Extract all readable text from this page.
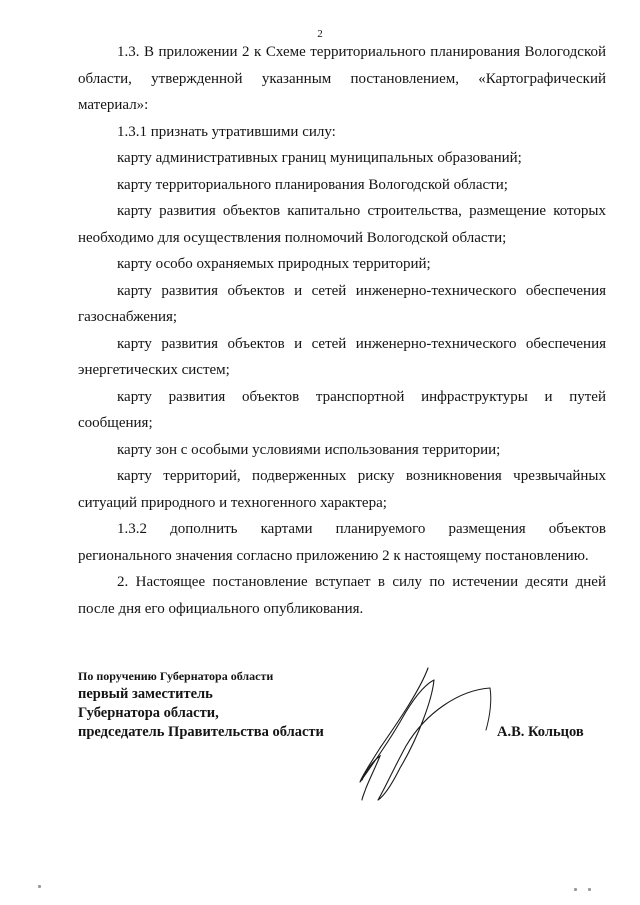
2

1.3. В приложении 2 к Схеме территориального планирования Вологодской области, утвержденной указанным постановлением, «Картографический материал»:

1.3.1 признать утратившими силу:

карту административных границ муниципальных образований;

карту территориального планирования Вологодской области;

карту развития объектов капитально строительства, размещение которых необходимо для осуществления полномочий Вологодской области;

карту особо охраняемых природных территорий;

карту развития объектов и сетей инженерно-технического обеспечения газоснабжения;

карту развития объектов и сетей инженерно-технического обеспечения энергетических систем;

карту развития объектов транспортной инфраструктуры и путей сообщения;

карту зон с особыми условиями использования территории;

карту территорий, подверженных риску возникновения чрезвычайных ситуаций природного и техногенного характера;

1.3.2 дополнить картами планируемого размещения объектов регионального значения согласно приложению 2 к настоящему постановлению.

2. Настоящее постановление вступает в силу по истечении десяти дней после дня его официального опубликования.

По поручению Губернатора области
первый заместитель
Губернатора области,
председатель Правительства области	А.В. Кольцов
